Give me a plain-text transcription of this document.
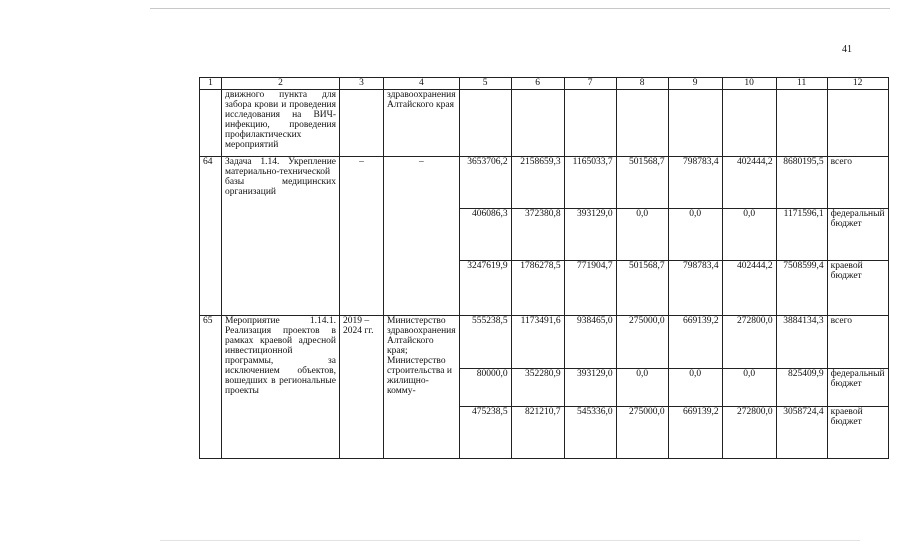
41
1	2	3	4	5	6	7	8	9	10	11	12
	движного пункта для забора крови и проведения исследования на ВИЧ-инфекцию, проведения профилактических мероприятий		здравоохранения Алтайского края								
64	Задача 1.14. Укрепление материально-технической базы медицинских организаций	–	–	3653706,2	2158659,3	1165033,7	501568,7	798783,4	402444,2	8680195,5	всего
				406086,3	372380,8	393129,0	0,0	0,0	0,0	1171596,1	федеральный бюджет
				3247619,9	1786278,5	771904,7	501568,7	798783,4	402444,2	7508599,4	краевой бюджет
65	Мероприятие 1.14.1. Реализация проектов в рамках краевой адресной инвестиционной программы, за исключением объектов, вошедших в региональные проекты	2019 – 2024 гг.	Министерство здравоохранения Алтайского края; Министерство строительства и жилищно-комму-	555238,5	1173491,6	938465,0	275000,0	669139,2	272800,0	3884134,3	всего
				80000,0	352280,9	393129,0	0,0	0,0	0,0	825409,9	федеральный бюджет
				475238,5	821210,7	545336,0	275000,0	669139,2	272800,0	3058724,4	краевой бюджет
